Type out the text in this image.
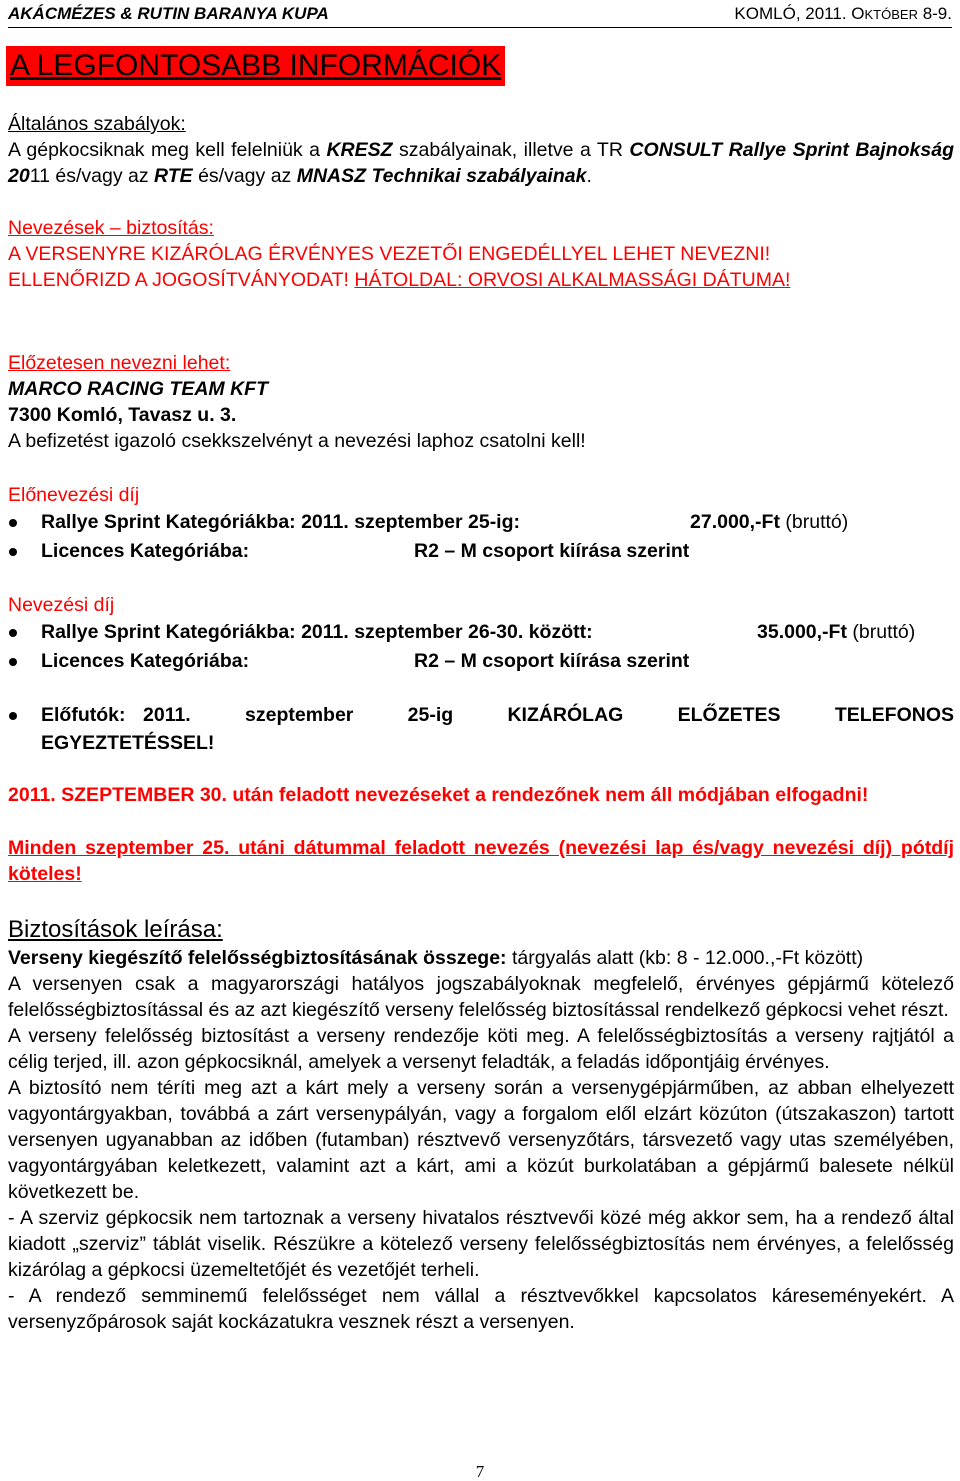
AKÁCMÉZES & RUTIN BARANYA KUPA	KOMLÓ, 2011. OKTÓBER 8-9.
A LEGFONTOSABB INFORMÁCIÓK
Általános szabályok:
A gépkocsiknak meg kell felelniük a KRESZ szabályainak, illetve a TR CONSULT Rallye Sprint Bajnokság 2011 és/vagy az RTE és/vagy az MNASZ Technikai szabályainak.
Nevezések – biztosítás:
A VERSENYRE KIZÁRÓLAG ÉRVÉNYES VEZETŐI ENGEDÉLLYEL LEHET NEVEZNI!
ELLENŐRIZD A JOGOSÍTVÁNYODAT! HÁTOLDAL: ORVOSI ALKALMASSÁGI DÁTUMA!
Előzetesen nevezni lehet:
MARCO RACING TEAM KFT
7300 Komló, Tavasz u. 3.
A befizetést igazoló csekkszelvényt a nevezési laphoz csatolni kell!
Előnevezési díj
Rallye Sprint Kategóriákba: 2011. szeptember 25-ig:	27.000,-Ft (bruttó)
Licences Kategóriába:	R2 – M csoport kiírása szerint
Nevezési díj
Rallye Sprint Kategóriákba: 2011. szeptember 26-30. között:	35.000,-Ft (bruttó)
Licences Kategóriába:	R2 – M csoport kiírása szerint
Előfutók: 2011. szeptember 25-ig KIZÁRÓLAG ELŐZETES TELEFONOS
EGYEZTETÉSSEL!
2011. SZEPTEMBER 30. után feladott nevezéseket a rendezőnek nem áll módjában elfogadni!
Minden szeptember 25. utáni dátummal feladott nevezés (nevezési lap és/vagy nevezési díj) pótdíj köteles!
Biztosítások leírása:
Verseny kiegészítő felelősségbiztosításának összege: tárgyalás alatt (kb: 8 - 12.000.,-Ft között)
A versenyen csak a magyarországi hatályos jogszabályoknak megfelelő, érvényes gépjármű kötelező felelősségbiztosítással és az azt kiegészítő verseny felelősség biztosítással rendelkező gépkocsi vehet részt.
A verseny felelősség biztosítást a verseny rendezője köti meg. A felelősségbiztosítás a verseny rajtjától a célig terjed, ill. azon gépkocsiknál, amelyek a versenyt feladták, a feladás időpontjáig érvényes.
A biztosító nem téríti meg azt a kárt mely a verseny során a versenygépjárműben, az abban elhelyezett vagyontárgyakban, továbbá a zárt versenypályán, vagy a forgalom elől elzárt közúton (útszakaszon) tartott versenyen ugyanabban az időben (futamban) résztvevő versenyzőtárs, társvezető vagy utas személyében, vagyontárgyában keletkezett, valamint azt a kárt, ami a közút burkolatában a gépjármű balesete nélkül következett be.
- A szerviz gépkocsik nem tartoznak a verseny hivatalos résztvevői közé még akkor sem, ha a rendező által kiadott „szerviz” táblát viselik. Részükre a kötelező verseny felelősségbiztosítás nem érvényes, a felelősség kizárólag a gépkocsi üzemeltetőjét és vezetőjét terheli.
- A rendező semminemű felelősséget nem vállal a résztvevőkkel kapcsolatos káreseményekért. A versenyzőpárosok saját kockázatukra vesznek részt a versenyen.
7
